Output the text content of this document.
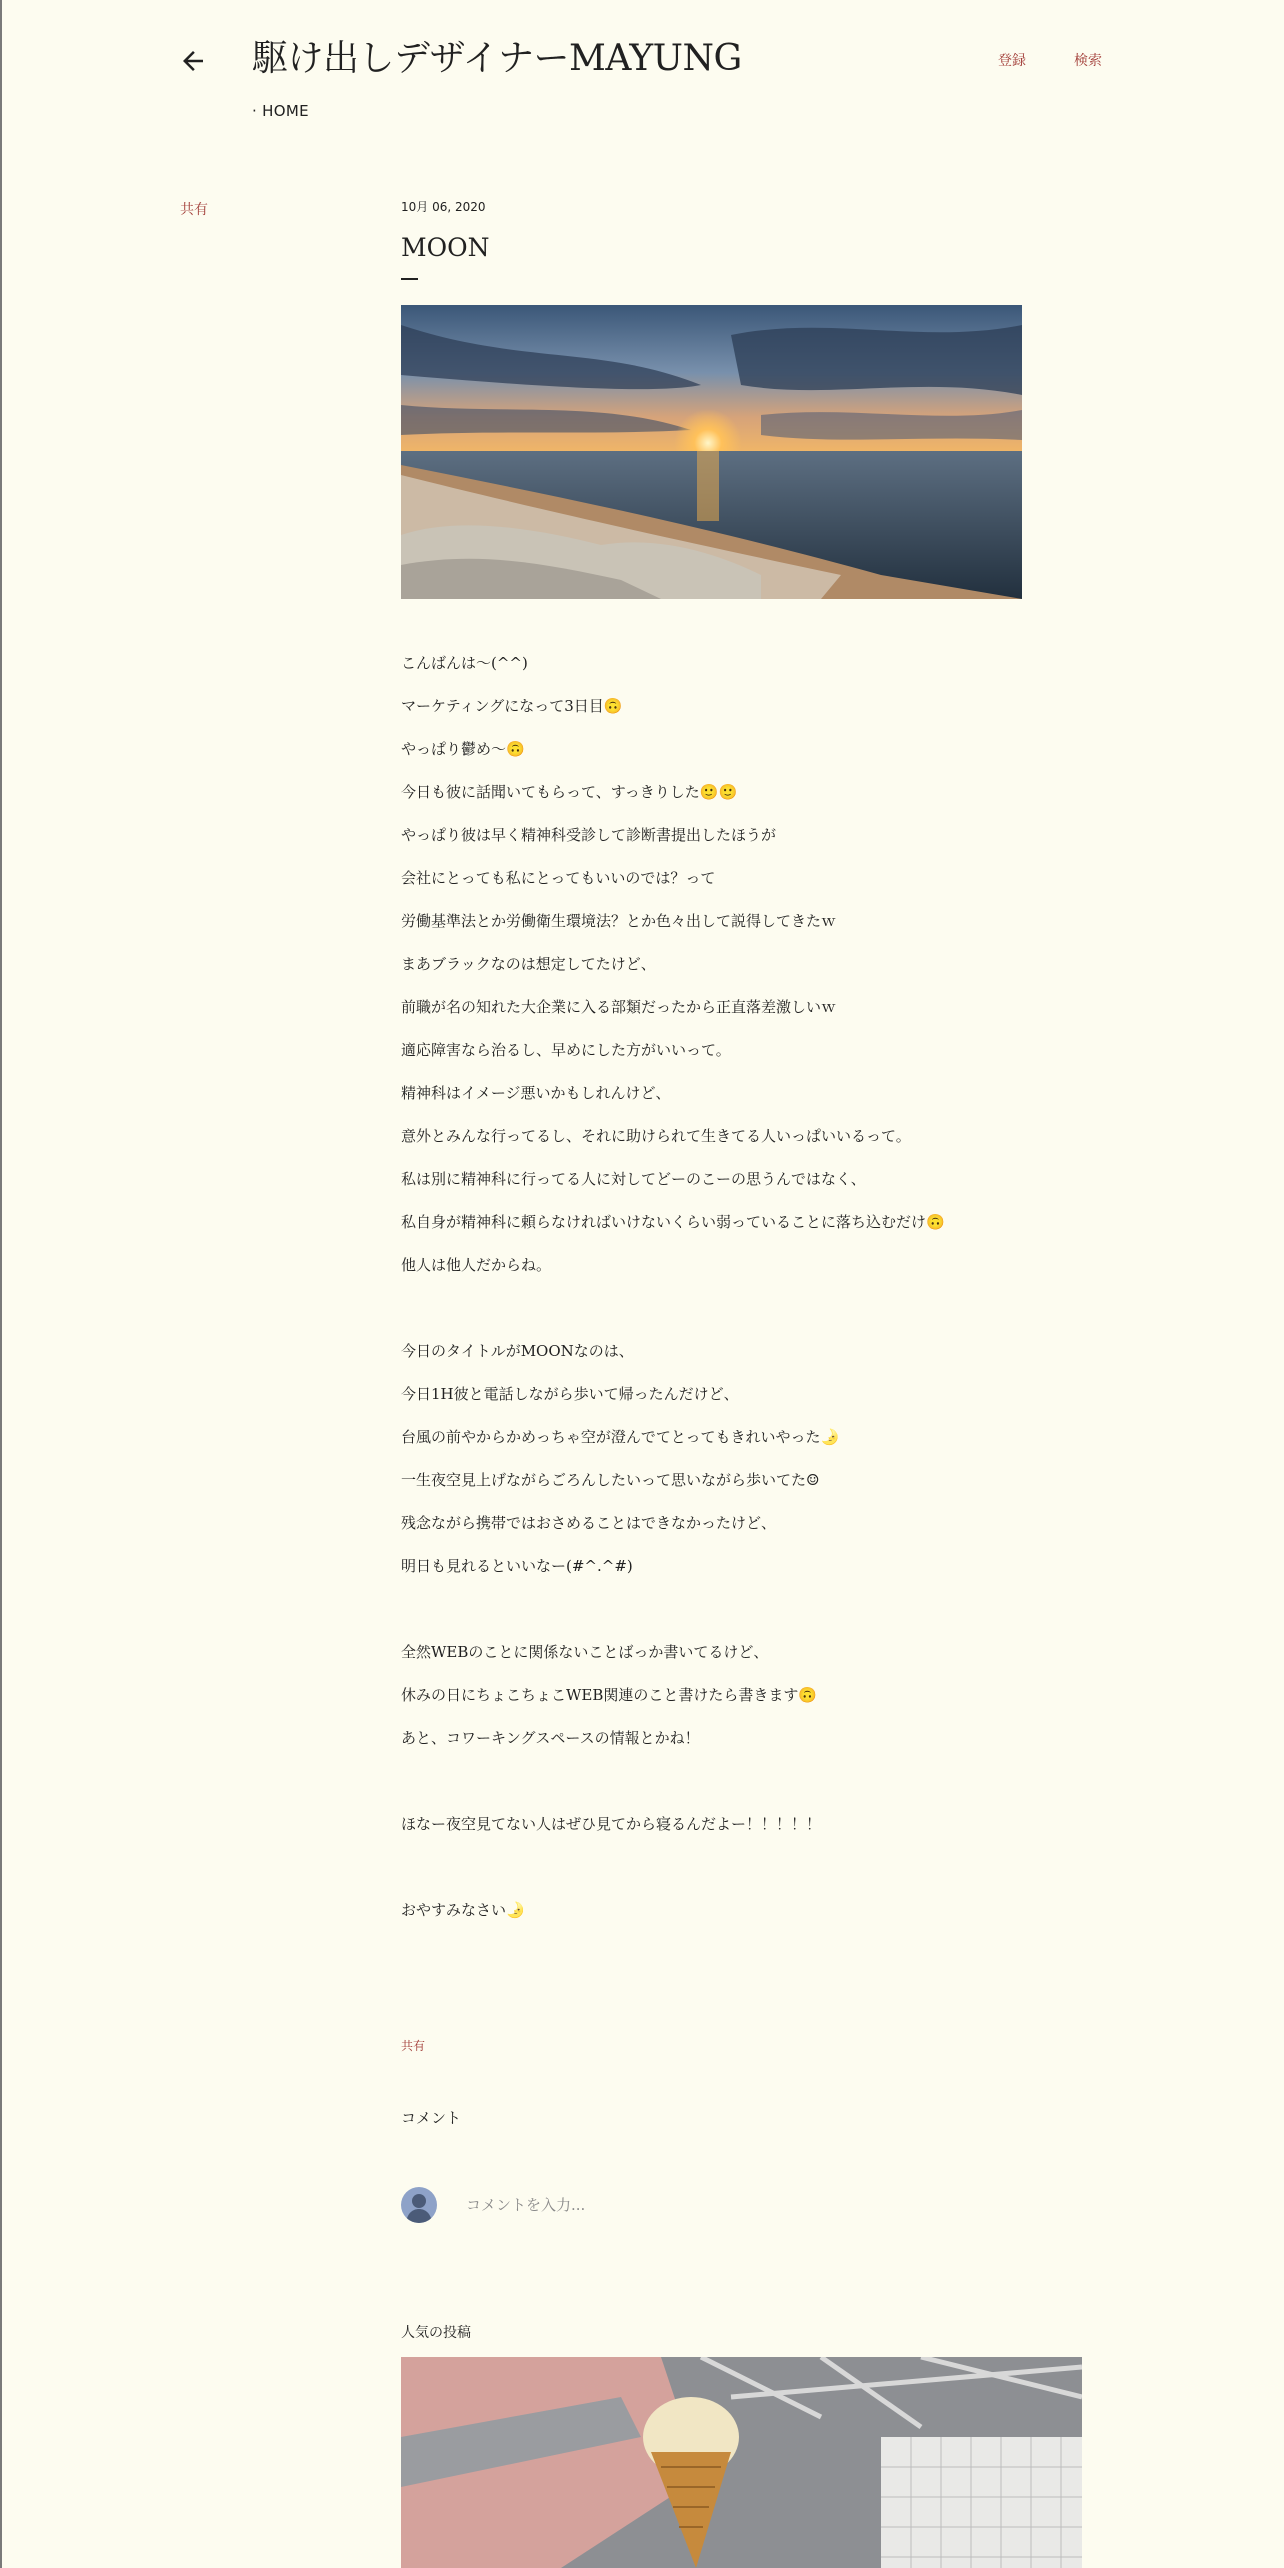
駆け出しデザイナーMAYUNG
· HOME
登録	検索
共有	10月 06, 2020
MOON
こんばんは～(^^)
マーケティングになって3日目🙃
やっぱり鬱め～🙃
今日も彼に話聞いてもらって、すっきりした🙂🙂
やっぱり彼は早く精神科受診して診断書提出したほうが
会社にとっても私にとってもいいのでは？って
労働基準法とか労働衛生環境法？とか色々出して説得してきたｗ
まあブラックなのは想定してたけど、
前職が名の知れた大企業に入る部類だったから正直落差激しいｗ
適応障害なら治るし、早めにした方がいいって。
精神科はイメージ悪いかもしれんけど、
意外とみんな行ってるし、それに助けられて生きてる人いっぱいいるって。
私は別に精神科に行ってる人に対してどーのこーの思うんではなく、
私自身が精神科に頼らなければいけないくらい弱っていることに落ち込むだけ🙃
他人は他人だからね。
今日のタイトルがMOONなのは、
今日1H彼と電話しながら歩いて帰ったんだけど、
台風の前やからかめっちゃ空が澄んでてとってもきれいやった🌛
一生夜空見上げながらごろんしたいって思いながら歩いてた☺
残念ながら携帯ではおさめることはできなかったけど、
明日も見れるといいなー(#^.^#)
全然WEBのことに関係ないことばっか書いてるけど、
休みの日にちょこちょこWEB関連のこと書けたら書きます🙃
あと、コワーキングスペースの情報とかね！
ほなー夜空見てない人はぜひ見てから寝るんだよー！！！！！
おやすみなさい🌛
共有
コメント
コメントを入力...
人気の投稿
